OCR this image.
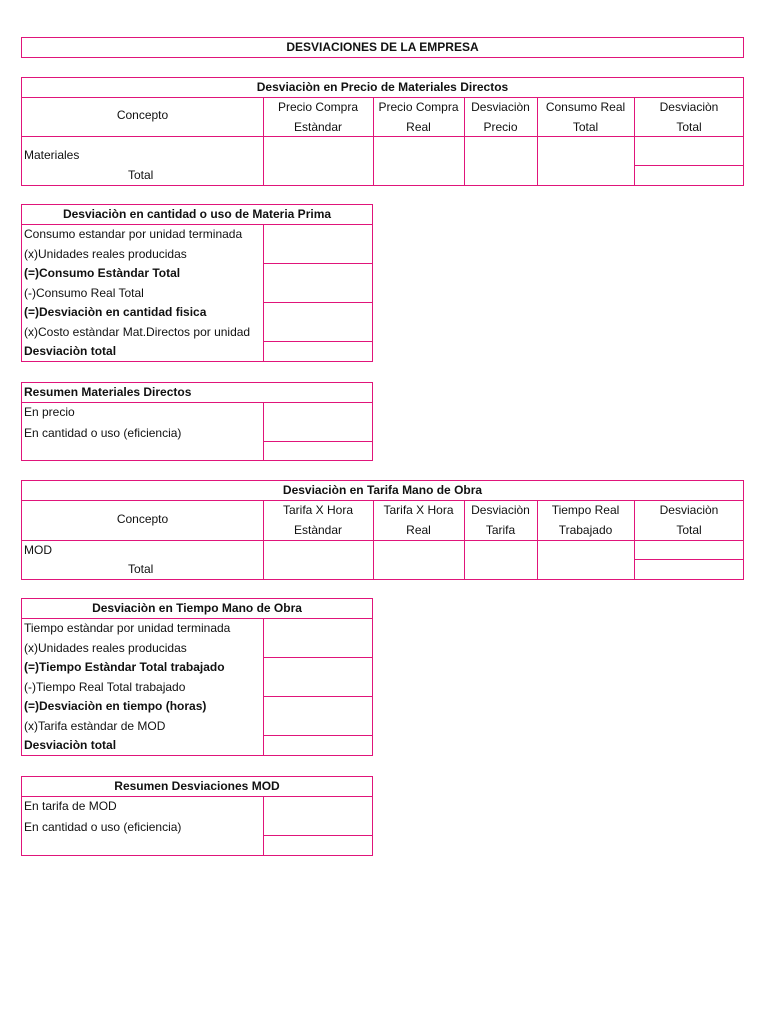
DESVIACIONES DE LA EMPRESA
Desviaciòn en Precio de Materiales Directos
Concepto
Precio Compra
Estàndar
Precio Compra
Real
Desviaciòn
Precio
Consumo Real
Total
Desviaciòn
Total
Materiales
Total
Desviaciòn en cantidad o uso de Materia Prima
Consumo estandar por unidad terminada
(x)Unidades reales producidas
(=)Consumo Estàndar Total
(-)Consumo Real Total
(=)Desviaciòn en cantidad fisica
(x)Costo estàndar Mat.Directos por unidad
Desviaciòn total
Resumen Materiales Directos
En precio
En cantidad o uso (eficiencia)
Desviaciòn en Tarifa Mano de Obra
Concepto
Tarifa X Hora
Estàndar
Tarifa X Hora
Real
Desviaciòn
Tarifa
Tiempo Real
Trabajado
Desviaciòn
Total
MOD
Total
Desviaciòn en Tiempo Mano de Obra
Tiempo estàndar por unidad terminada
(x)Unidades reales producidas
(=)Tiempo Estàndar Total trabajado
(-)Tiempo Real Total trabajado
(=)Desviaciòn en tiempo (horas)
(x)Tarifa estàndar de MOD
Desviaciòn total
Resumen Desviaciones MOD
En tarifa de MOD
En cantidad o uso (eficiencia)
